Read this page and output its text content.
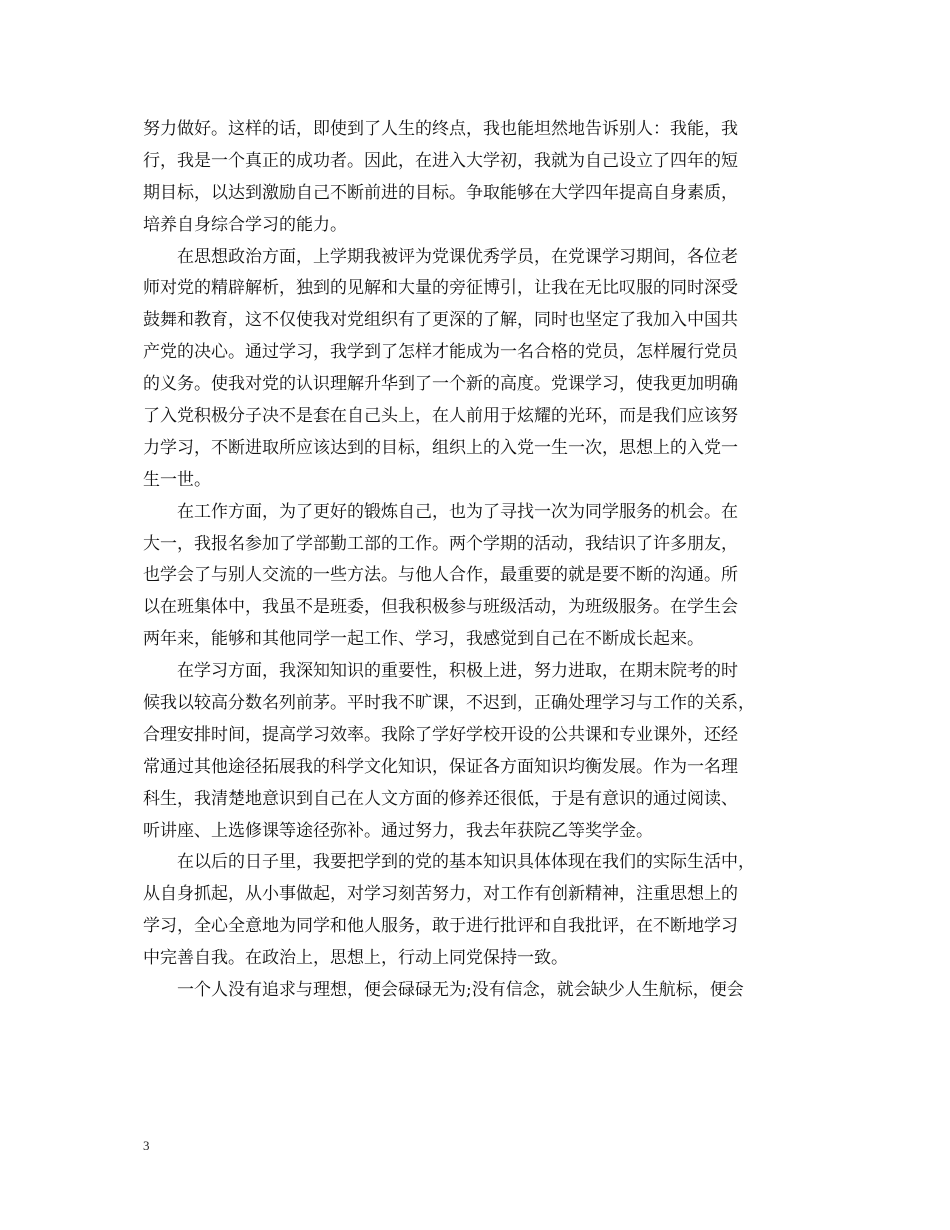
努力做好。这样的话，即使到了人生的终点，我也能坦然地告诉别人：我能，我
行，我是一个真正的成功者。因此，在进入大学初，我就为自己设立了四年的短
期目标，以达到激励自己不断前进的目标。争取能够在大学四年提高自身素质，
培养自身综合学习的能力。
　　在思想政治方面，上学期我被评为党课优秀学员，在党课学习期间，各位老
师对党的精辟解析，独到的见解和大量的旁征博引，让我在无比叹服的同时深受
鼓舞和教育，这不仅使我对党组织有了更深的了解，同时也坚定了我加入中国共
产党的决心。通过学习，我学到了怎样才能成为一名合格的党员，怎样履行党员
的义务。使我对党的认识理解升华到了一个新的高度。党课学习，使我更加明确
了入党积极分子决不是套在自己头上，在人前用于炫耀的光环，而是我们应该努
力学习，不断进取所应该达到的目标，组织上的入党一生一次，思想上的入党一
生一世。
　　在工作方面，为了更好的锻炼自己，也为了寻找一次为同学服务的机会。在
大一，我报名参加了学部勤工部的工作。两个学期的活动，我结识了许多朋友，
也学会了与别人交流的一些方法。与他人合作，最重要的就是要不断的沟通。所
以在班集体中，我虽不是班委，但我积极参与班级活动，为班级服务。在学生会
两年来，能够和其他同学一起工作、学习，我感觉到自己在不断成长起来。
　　在学习方面，我深知知识的重要性，积极上进，努力进取，在期末院考的时
候我以较高分数名列前茅。平时我不旷课，不迟到，正确处理学习与工作的关系，
合理安排时间，提高学习效率。我除了学好学校开设的公共课和专业课外，还经
常通过其他途径拓展我的科学文化知识，保证各方面知识均衡发展。作为一名理
科生，我清楚地意识到自己在人文方面的修养还很低，于是有意识的通过阅读、
听讲座、上选修课等途径弥补。通过努力，我去年获院乙等奖学金。
　　在以后的日子里，我要把学到的党的基本知识具体体现在我们的实际生活中，
从自身抓起，从小事做起，对学习刻苦努力，对工作有创新精神，注重思想上的
学习，全心全意地为同学和他人服务，敢于进行批评和自我批评，在不断地学习
中完善自我。在政治上，思想上，行动上同党保持一致。
　　一个人没有追求与理想，便会碌碌无为;没有信念，就会缺少人生航标，便会
3
